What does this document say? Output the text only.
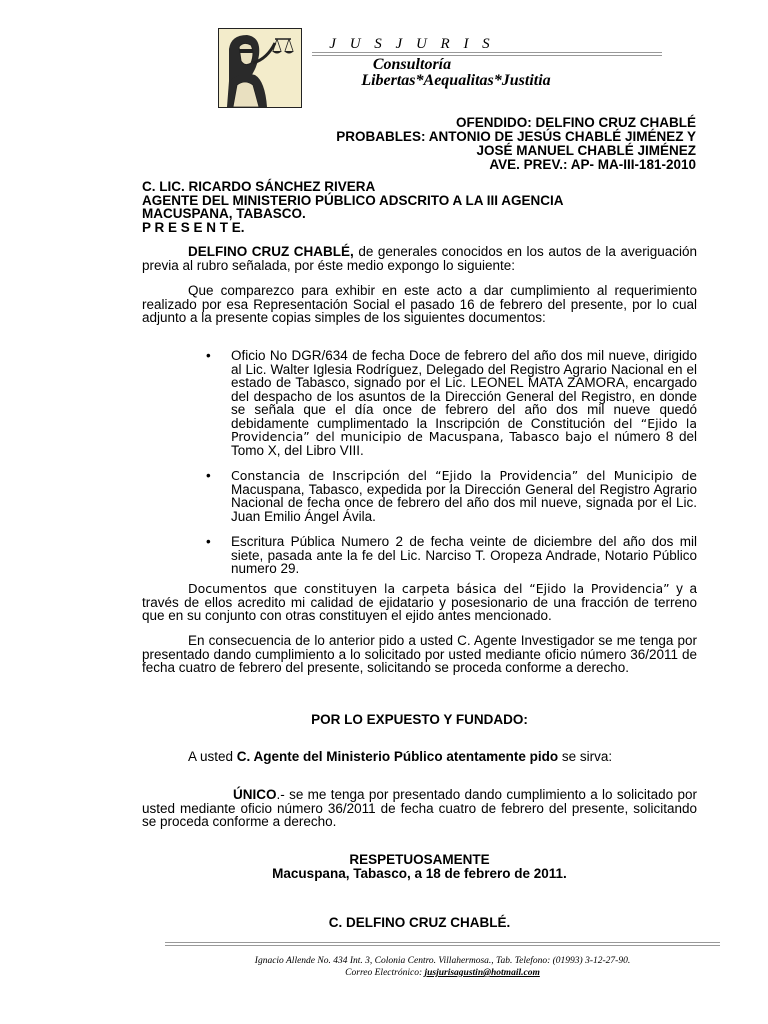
J U S J U R I S
Consultoría
Libertas*Aequalitas*Justitia
OFENDIDO: DELFINO CRUZ CHABLÉ
PROBABLES: ANTONIO DE JESÚS CHABLÉ JIMÉNEZ Y
JOSÉ MANUEL CHABLÉ JIMÉNEZ
AVE. PREV.: AP- MA-III-181-2010
C. LIC. RICARDO SÁNCHEZ RIVERA
AGENTE DEL MINISTERIO PÚBLICO ADSCRITO A LA III AGENCIA
MACUSPANA, TABASCO.
P R E S E N T E.

DELFINO CRUZ CHABLÉ, de generales conocidos en los autos de la averiguación previa al rubro señalada, por éste medio expongo lo siguiente:

Que comparezco para exhibir en este acto a dar cumplimiento al requerimiento realizado por esa Representación Social el pasado 16 de febrero del presente, por lo cual adjunto a la presente copias simples de los siguientes documentos:

• Oficio No DGR/634 de fecha Doce de febrero del año dos mil nueve, dirigido al Lic. Walter Iglesia Rodríguez, Delegado del Registro Agrario Nacional en el estado de Tabasco, signado por el Lic. LEONEL MATA ZAMORA, encargado del despacho de los asuntos de la Dirección General del Registro, en donde se señala que el día once de febrero del año dos mil nueve quedó debidamente cumplimentado la Inscripción de Constitución del “Ejido la Providencia” del municipio de Macuspana, Tabasco bajo el número 8 del Tomo X, del Libro VIII.
• Constancia de Inscripción del “Ejido la Providencia” del Municipio de Macuspana, Tabasco, expedida por la Dirección General del Registro Agrario Nacional de fecha once de febrero del año dos mil nueve, signada por el Lic. Juan Emilio Ángel Ávila.
• Escritura Pública Numero 2 de fecha veinte de diciembre del año dos mil siete, pasada ante la fe del Lic. Narciso T. Oropeza Andrade, Notario Público numero 29.

Documentos que constituyen la carpeta básica del “Ejido la Providencia” y a través de ellos acredito mi calidad de ejidatario y posesionario de una fracción de terreno que en su conjunto con otras constituyen el ejido antes mencionado.

En consecuencia de lo anterior pido a usted C. Agente Investigador se me tenga por presentado dando cumplimiento a lo solicitado por usted mediante oficio número 36/2011 de fecha cuatro de febrero del presente, solicitando se proceda conforme a derecho.

POR LO EXPUESTO Y FUNDADO:

A usted C. Agente del Ministerio Público atentamente pido se sirva:

ÚNICO.- se me tenga por presentado dando cumplimiento a lo solicitado por usted mediante oficio número 36/2011 de fecha cuatro de febrero del presente, solicitando se proceda conforme a derecho.

RESPETUOSAMENTE
Macuspana, Tabasco, a 18 de febrero de 2011.
C. DELFINO CRUZ CHABLÉ.
Ignacio Allende No. 434 Int. 3, Colonia Centro. Villahermosa., Tab. Telefono: (01993) 3-12-27-90.
Correo Electrónico: jusjurisagustin@hotmail.com
